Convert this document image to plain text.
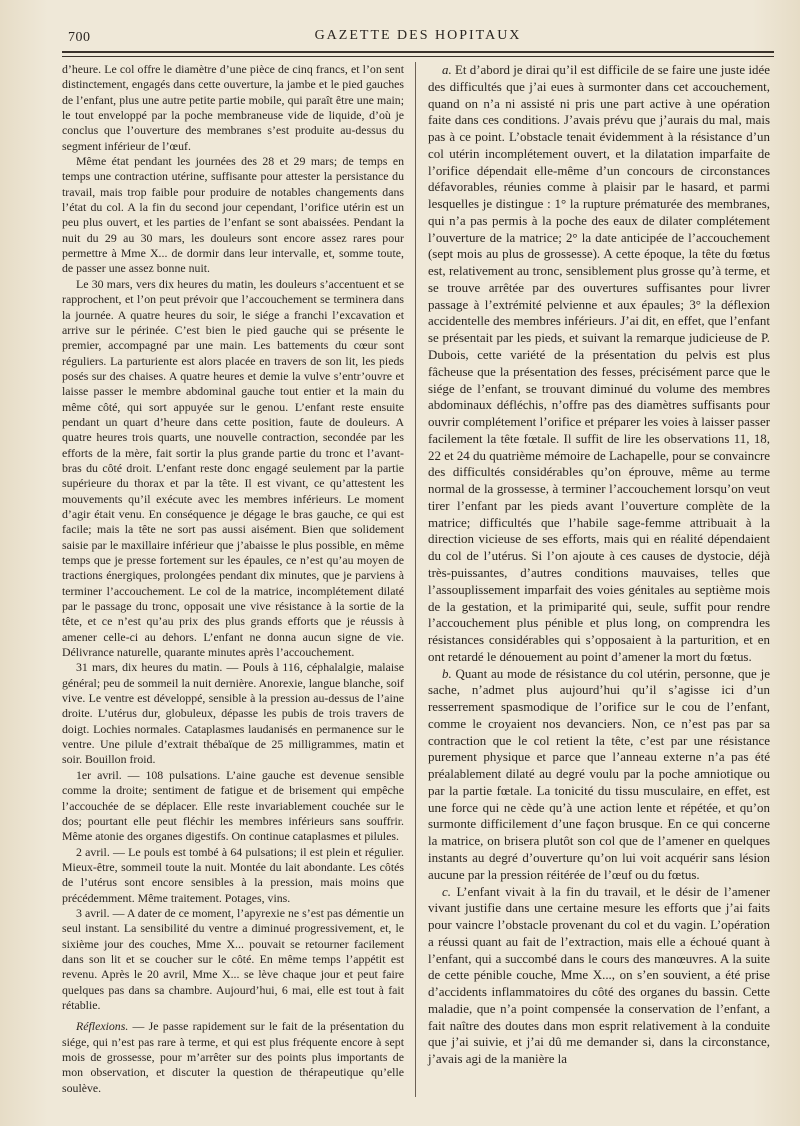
700	GAZETTE DES HOPITAUX

d’heure. Le col offre le diamètre d’une pièce de cinq francs, et l’on sent distinctement, engagés dans cette ouverture, la jambe et le pied gauches de l’enfant, plus une autre petite partie mobile, qui paraît être une main; le tout enveloppé par la poche membraneuse vide de liquide, d’où je conclus que l’ouverture des membranes s’est produite au-dessus du segment inférieur de l’œuf.

Même état pendant les journées des 28 et 29 mars; de temps en temps une contraction utérine, suffisante pour attester la persistance du travail, mais trop faible pour produire de notables changements dans l’état du col. A la fin du second jour cependant, l’orifice utérin est un peu plus ouvert, et les parties de l’enfant se sont abaissées. Pendant la nuit du 29 au 30 mars, les douleurs sont encore assez rares pour permettre à Mme X... de dormir dans leur intervalle, et, somme toute, de passer une assez bonne nuit.

Le 30 mars, vers dix heures du matin, les douleurs s’accentuent et se rapprochent, et l’on peut prévoir que l’accouchement se terminera dans la journée. A quatre heures du soir, le siége a franchi l’excavation et arrive sur le périnée. C’est bien le pied gauche qui se présente le premier, accompagné par une main. Les battements du cœur sont réguliers. La parturiente est alors placée en travers de son lit, les pieds posés sur des chaises. A quatre heures et demie la vulve s’entr’ouvre et laisse passer le membre abdominal gauche tout entier et la main du même côté, qui sort appuyée sur le genou. L’enfant reste ensuite pendant un quart d’heure dans cette position, faute de douleurs. A quatre heures trois quarts, une nouvelle contraction, secondée par les efforts de la mère, fait sortir la plus grande partie du tronc et l’avant-bras du côté droit. L’enfant reste donc engagé seulement par la partie supérieure du thorax et par la tête. Il est vivant, ce qu’attestent les mouvements qu’il exécute avec les membres inférieurs. Le moment d’agir était venu. En conséquence je dégage le bras gauche, ce qui est facile; mais la tête ne sort pas aussi aisément. Bien que solidement saisie par le maxillaire inférieur que j’abaisse le plus possible, en même temps que je presse fortement sur les épaules, ce n’est qu’au moyen de tractions énergiques, prolongées pendant dix minutes, que je parviens à terminer l’accouchement. Le col de la matrice, incomplétement dilaté par le passage du tronc, opposait une vive résistance à la sortie de la tête, et ce n’est qu’au prix des plus grands efforts que je réussis à amener celle-ci au dehors. L’enfant ne donna aucun signe de vie. Délivrance naturelle, quarante minutes après l’accouchement.

31 mars, dix heures du matin. — Pouls à 116, céphalalgie, malaise général; peu de sommeil la nuit dernière. Anorexie, langue blanche, soif vive. Le ventre est développé, sensible à la pression au-dessus de l’aine droite. L’utérus dur, globuleux, dépasse les pubis de trois travers de doigt. Lochies normales. Cataplasmes laudanisés en permanence sur le ventre. Une pilule d’extrait thébaïque de 25 milligrammes, matin et soir. Bouillon froid.

1er avril. — 108 pulsations. L’aine gauche est devenue sensible comme la droite; sentiment de fatigue et de brisement qui empêche l’accouchée de se déplacer. Elle reste invariablement couchée sur le dos; pourtant elle peut fléchir les membres inférieurs sans souffrir. Même atonie des organes digestifs. On continue cataplasmes et pilules.

2 avril. — Le pouls est tombé à 64 pulsations; il est plein et régulier. Mieux-être, sommeil toute la nuit. Montée du lait abondante. Les côtés de l’utérus sont encore sensibles à la pression, mais moins que précédemment. Même traitement. Potages, vins.

3 avril. — A dater de ce moment, l’apyrexie ne s’est pas démentie un seul instant. La sensibilité du ventre a diminué progressivement, et, le sixième jour des couches, Mme X... pouvait se retourner facilement dans son lit et se coucher sur le côté. En même temps l’appétit est revenu. Après le 20 avril, Mme X... se lève chaque jour et peut faire quelques pas dans sa chambre. Aujourd’hui, 6 mai, elle est tout à fait rétablie.

Réflexions. — Je passe rapidement sur le fait de la présentation du siége, qui n’est pas rare à terme, et qui est plus fréquente encore à sept mois de grossesse, pour m’arrêter sur des points plus importants de mon observation, et discuter la question de thérapeutique qu’elle soulève.

a. Et d’abord je dirai qu’il est difficile de se faire une juste idée des difficultés que j’ai eues à surmonter dans cet accouchement, quand on n’a ni assisté ni pris une part active à une opération faite dans ces conditions. J’avais prévu que j’aurais du mal, mais pas à ce point. L’obstacle tenait évidemment à la résistance d’un col utérin incomplétement ouvert, et la dilatation imparfaite de l’orifice dépendait elle-même d’un concours de circonstances défavorables, réunies comme à plaisir par le hasard, et parmi lesquelles je distingue : 1° la rupture prématurée des membranes, qui n’a pas permis à la poche des eaux de dilater complétement l’ouverture de la matrice; 2° la date anticipée de l’accouchement (sept mois au plus de grossesse). A cette époque, la tête du fœtus est, relativement au tronc, sensiblement plus grosse qu’à terme, et se trouve arrêtée par des ouvertures suffisantes pour livrer passage à l’extrémité pelvienne et aux épaules; 3° la déflexion accidentelle des membres inférieurs. J’ai dit, en effet, que l’enfant se présentait par les pieds, et suivant la remarque judicieuse de P. Dubois, cette variété de la présentation du pelvis est plus fâcheuse que la présentation des fesses, précisément parce que le siége de l’enfant, se trouvant diminué du volume des membres abdominaux défléchis, n’offre pas des diamètres suffisants pour ouvrir complétement l’orifice et préparer les voies à laisser passer facilement la tête fœtale. Il suffit de lire les observations 11, 18, 22 et 24 du quatrième mémoire de Lachapelle, pour se convaincre des difficultés considérables qu’on éprouve, même au terme normal de la grossesse, à terminer l’accouchement lorsqu’on veut tirer l’enfant par les pieds avant l’ouverture complète de la matrice; difficultés que l’habile sage-femme attribuait à la direction vicieuse de ses efforts, mais qui en réalité dépendaient du col de l’utérus. Si l’on ajoute à ces causes de dystocie, déjà très-puissantes, d’autres conditions mauvaises, telles que l’assouplissement imparfait des voies génitales au septième mois de la gestation, et la primiparité qui, seule, suffit pour rendre l’accouchement plus pénible et plus long, on comprendra les résistances considérables qui s’opposaient à la parturition, et en ont retardé le dénouement au point d’amener la mort du fœtus.

b. Quant au mode de résistance du col utérin, personne, que je sache, n’admet plus aujourd’hui qu’il s’agisse ici d’un resserrement spasmodique de l’orifice sur le cou de l’enfant, comme le croyaient nos devanciers. Non, ce n’est pas par sa contraction que le col retient la tête, c’est par une résistance purement physique et parce que l’anneau externe n’a pas été préalablement dilaté au degré voulu par la poche amniotique ou par la partie fœtale. La tonicité du tissu musculaire, en effet, est une force qui ne cède qu’à une action lente et répétée, et qu’on surmonte difficilement d’une façon brusque. En ce qui concerne la matrice, on brisera plutôt son col que de l’amener en quelques instants au degré d’ouverture qu’on lui voit acquérir sans lésion aucune par la pression réitérée de l’œuf ou du fœtus.

c. L’enfant vivait à la fin du travail, et le désir de l’amener vivant justifie dans une certaine mesure les efforts que j’ai faits pour vaincre l’obstacle provenant du col et du vagin. L’opération a réussi quant au fait de l’extraction, mais elle a échoué quant à l’enfant, qui a succombé dans le cours des manœuvres. A la suite de cette pénible couche, Mme X..., on s’en souvient, a été prise d’accidents inflammatoires du côté des organes du bassin. Cette maladie, que n’a point compensée la conservation de l’enfant, a fait naître des doutes dans mon esprit relativement à la conduite que j’ai suivie, et j’ai dû me demander si, dans la circonstance, j’avais agi de la manière la
